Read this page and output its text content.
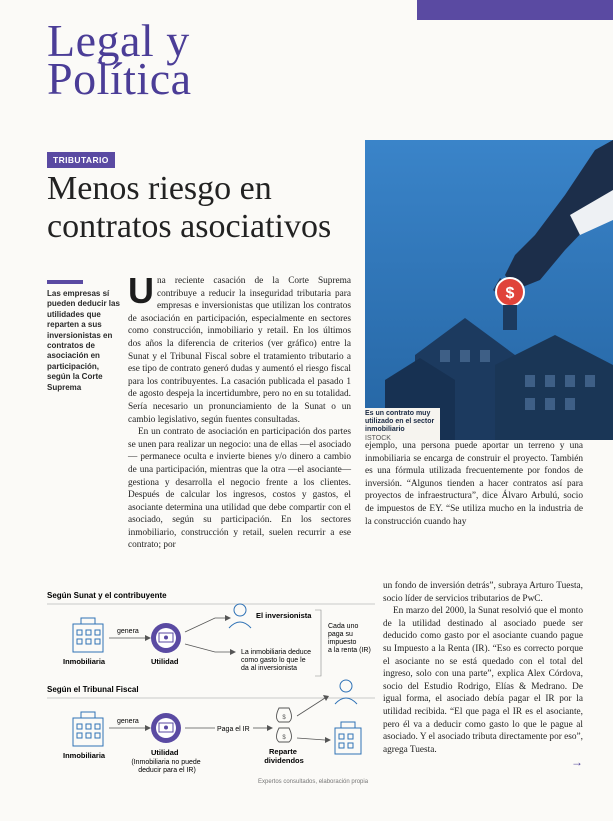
Legal y
Política
TRIBUTARIO
Menos riesgo en
contratos asociativos
$
Es un contrato muy utilizado en el sector inmobiliario
ISTOCK
Las empresas sí pueden deducir las utilidades que reparten a sus inversionistas en contratos de asociación en participación, según la Corte Suprema

Una reciente casación de la Corte Suprema contribuye a reducir la inseguridad tributaria para empresas e inversionistas que utilizan los contratos de asociación en participación, especialmente en sectores como construcción, inmobiliario y retail. En los últimos dos años la diferencia de criterios (ver gráfico) entre la Sunat y el Tribunal Fiscal sobre el tratamiento tributario a ese tipo de contrato generó dudas y aumentó el riesgo fiscal para los contribuyentes. La casación publicada el pasado 1 de agosto despeja la incertidumbre, pero no en su totalidad. Sería necesario un pronunciamiento de la Sunat o un cambio legislativo, según fuentes consultadas.

En un contrato de asociación en participación dos partes se unen para realizar un negocio: una de ellas —el asociado— permanece oculta e invierte bienes y/o dinero a cambio de una participación, mientras que la otra —el asociante— gestiona y desarrolla el negocio frente a los clientes. Después de calcular los ingresos, costos y gastos, el asociante determina una utilidad que debe compartir con el asociado, según su participación. En los sectores inmobiliario, construcción y retail, suelen recurrir a ese contrato; por

ejemplo, una persona puede aportar un terreno y una inmobiliaria se encarga de construir el proyecto. También es una fórmula utilizada frecuentemente por fondos de inversión. “Algunos tienden a hacer contratos así para proyectos de infraestructura”, dice Álvaro Arbulú, socio de impuestos de EY. “Se utiliza mucho en la industria de la construcción cuando hay

un fondo de inversión detrás”, subraya Arturo Tuesta, socio líder de servicios tributarios de PwC.

En marzo del 2000, la Sunat resolvió que el monto de la utilidad destinado al asociado puede ser deducido como gasto por el asociante cuando pague su Impuesto a la Renta (IR). “Eso es correcto porque el asociante no se está quedado con el total del ingreso, solo con una parte”, explica Alex Córdova, socio del Estudio Rodrigo, Elías & Medrano. De igual forma, el asociado debía pagar el IR por la utilidad recibida. “El que paga el IR es el asociante, pero él va a deducir como gasto lo que le pague al asociado. Y el asociado tributa directamente por eso”, agrega Tuesta.

→
Según Sunat y el contribuyente
Inmobiliaria
genera
Utilidad
El inversionista
Cada uno paga su impuesto a la renta (IR)
La inmobiliaria deduce como gasto lo que le da al inversionista
Según el Tribunal Fiscal
Inmobiliaria
genera
Utilidad
(Inmobiliaria no puede deducir para el IR)
Paga el IR
$
$
Reparte dividendos
Expertos consultados, elaboración propia
